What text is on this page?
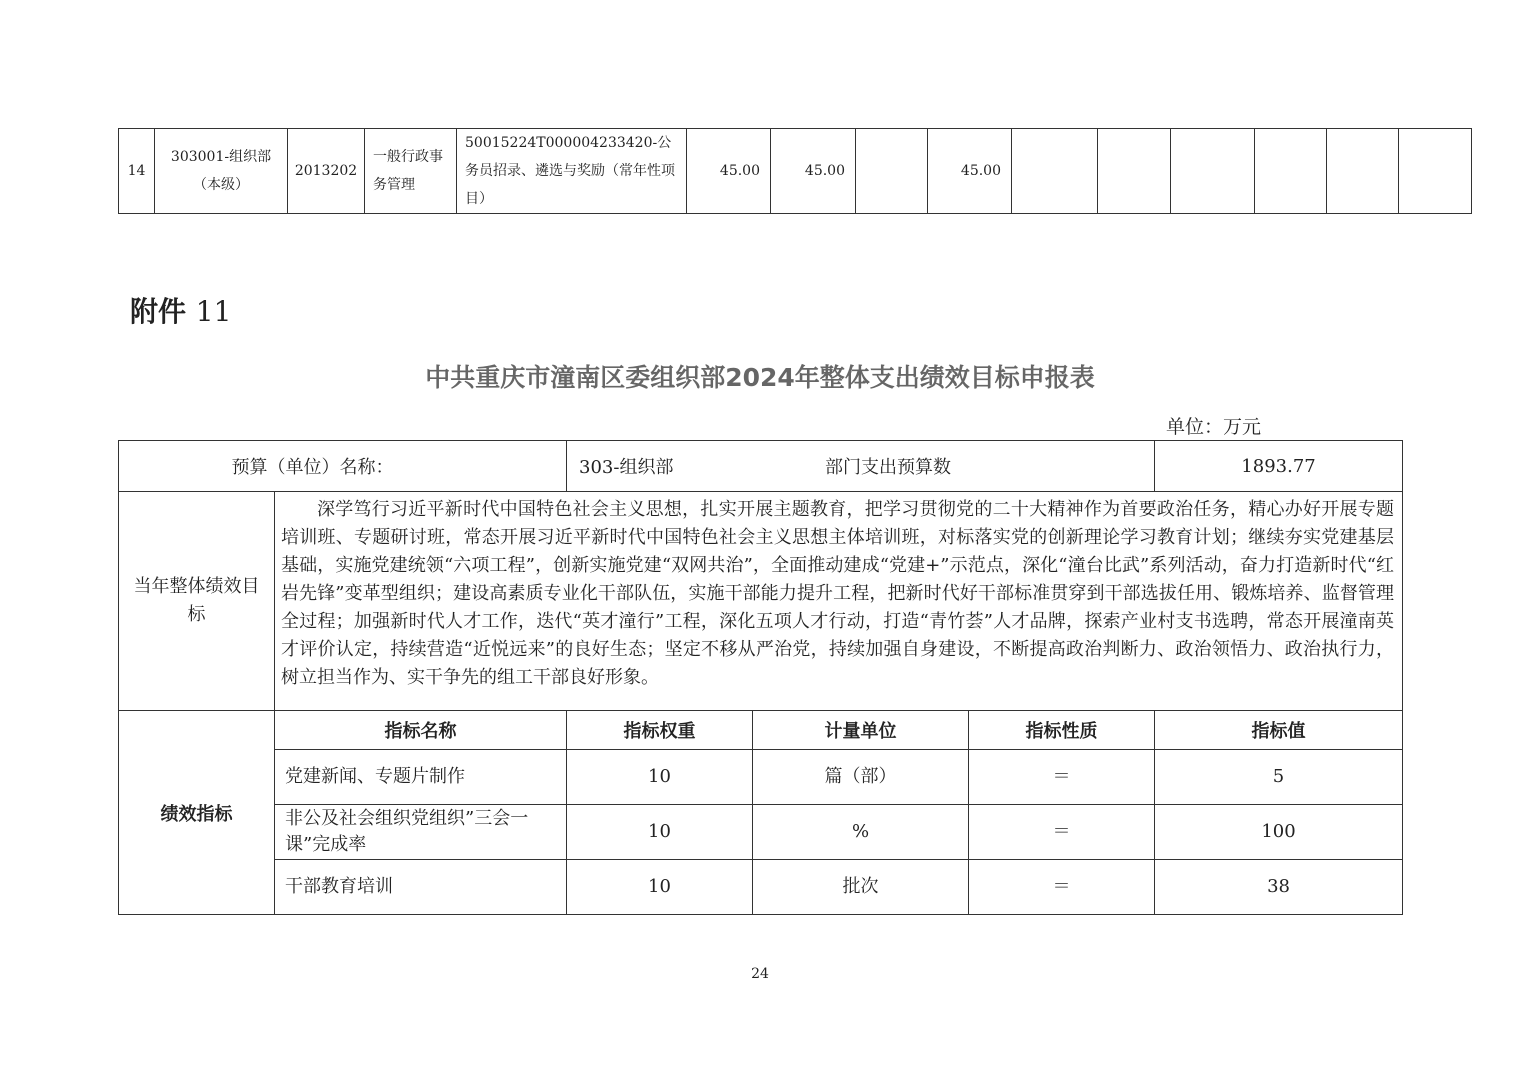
14	303001-组织部（本级）	2013202	一般行政事务管理	50015224T000004233420-公务员招录、遴选与奖励（常年性项目）	45.00	45.00		45.00						
附件 11
中共重庆市潼南区委组织部2024年整体支出绩效目标申报表
单位：万元
预算（单位）名称：		303-组织部 部门支出预算数			1893.77
当年整体绩效目标	深学笃行习近平新时代中国特色社会主义思想，扎实开展主题教育，把学习贯彻党的二十大精神作为首要政治任务，精心办好开展专题培训班、专题研讨班，常态开展习近平新时代中国特色社会主义思想主体培训班，对标落实党的创新理论学习教育计划；继续夯实党建基层基础，实施党建统领“六项工程”，创新实施党建“双网共治”，全面推动建成“党建+”示范点，深化“潼台比武”系列活动，奋力打造新时代“红岩先锋”变革型组织；建设高素质专业化干部队伍，实施干部能力提升工程，把新时代好干部标准贯穿到干部选拔任用、锻炼培养、监督管理全过程；加强新时代人才工作，迭代“英才潼行”工程，深化五项人才行动，打造“青竹荟”人才品牌，探索产业村支书选聘，常态开展潼南英才评价认定，持续营造“近悦远来”的良好生态；坚定不移从严治党，持续加强自身建设，不断提高政治判断力、政治领悟力、政治执行力，树立担当作为、实干争先的组工干部良好形象。				

绩效指标	指标名称	指标权重	计量单位	指标性质	指标值
	党建新闻、专题片制作	10	篇（部）	＝	5
	非公及社会组织党组织”三会一课”完成率	10	%	＝	100
	干部教育培训	10	批次	＝	38
24
